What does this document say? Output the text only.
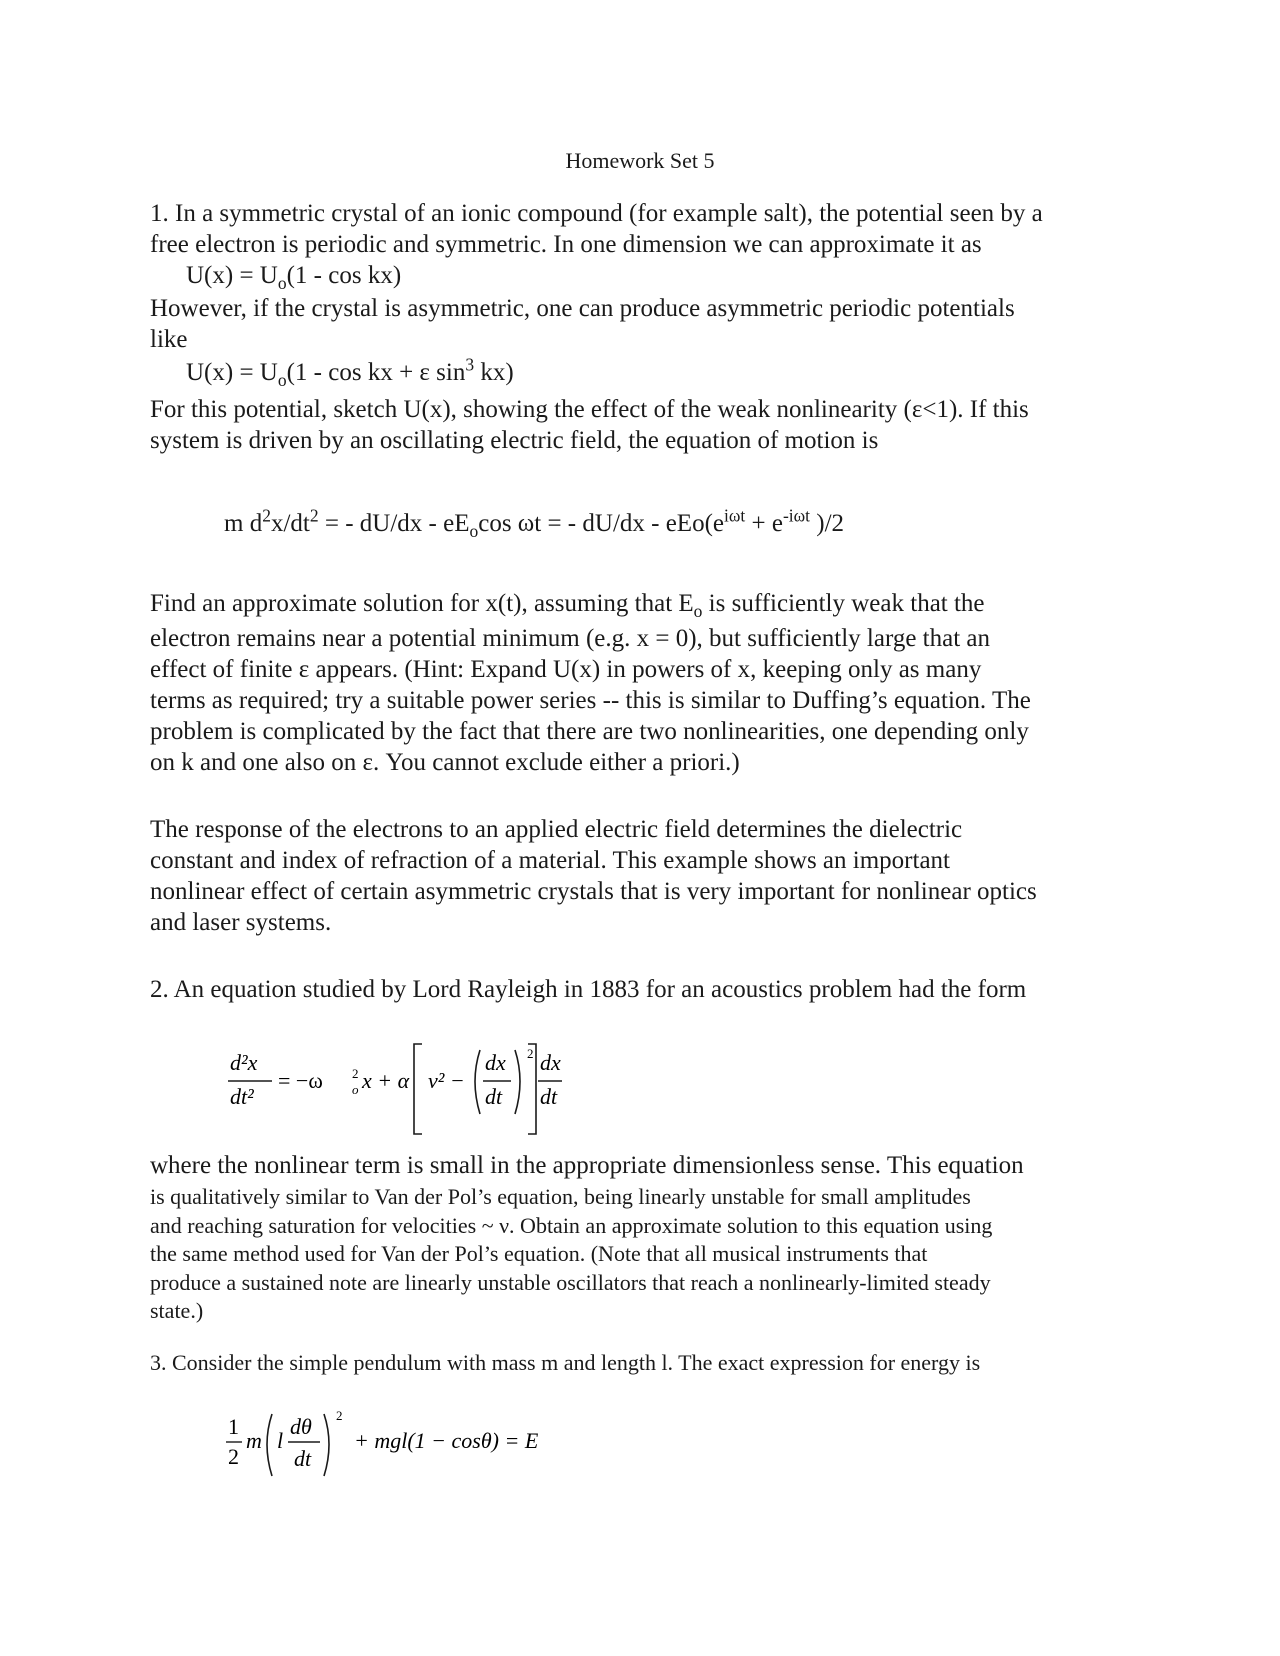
Homework Set 5
1. In a symmetric crystal of an ionic compound (for example salt), the potential seen by a
free electron is periodic and symmetric. In one dimension we can approximate it as
$U(x) = U_o(1 - \cos kx)$
However, if the crystal is asymmetric, one can produce asymmetric periodic potentials
like
$U(x) = U_o(1 - \cos$ kx + ε $\sin^3 kx$)
For this potential, sketch U(x), showing the effect of the weak nonlinearity (ε<1). If this
system is driven by an oscillating electric field, the equation of motion is
m $d^2x/dt^2$ = - $dU/dx - eE_o\cos$ ωt = - $dU/dx - eEo(e^{i\omega t} + e^{-i\omega t}$ )/2
Find an approximate solution for x(t), assuming that $E_o$ is sufficiently weak that the
electron remains near a potential minimum (e.g. x = 0), but sufficiently large that an
effect of finite ε appears. (Hint: Expand U(x) in powers of x, keeping only as many
terms as required; try a suitable power series -- this is similar to Duffing’s equation. The
problem is complicated by the fact that there are two nonlinearities, one depending only
on k and one also on ε. You cannot exclude either a priori.)
The response of the electrons to an applied electric field determines the dielectric
constant and index of refraction of a material. This example shows an important
nonlinear effect of certain asymmetric crystals that is very important for nonlinear optics
and laser systems.
2. An equation studied by Lord Rayleigh in 1883 for an acoustics problem had the form
d²x
dt²
= −ω 2
o x + α v² −
dx
dt
2 dx
dt
where the nonlinear term is small in the appropriate dimensionless sense. This equation
is qualitatively similar to Van der Pol’s equation, being linearly unstable for small amplitudes
and reaching saturation for velocities ~ ν. Obtain an approximate solution to this equation using
the same method used for Van der Pol’s equation. (Note that all musical instruments that
produce a sustained note are linearly unstable oscillators that reach a nonlinearly-limited steady
state.)
3. Consider the simple pendulum with mass m and length l. The exact expression for energy is
1
2
m l
dθ
dt
2
+ mgl(1 − cosθ) = E
